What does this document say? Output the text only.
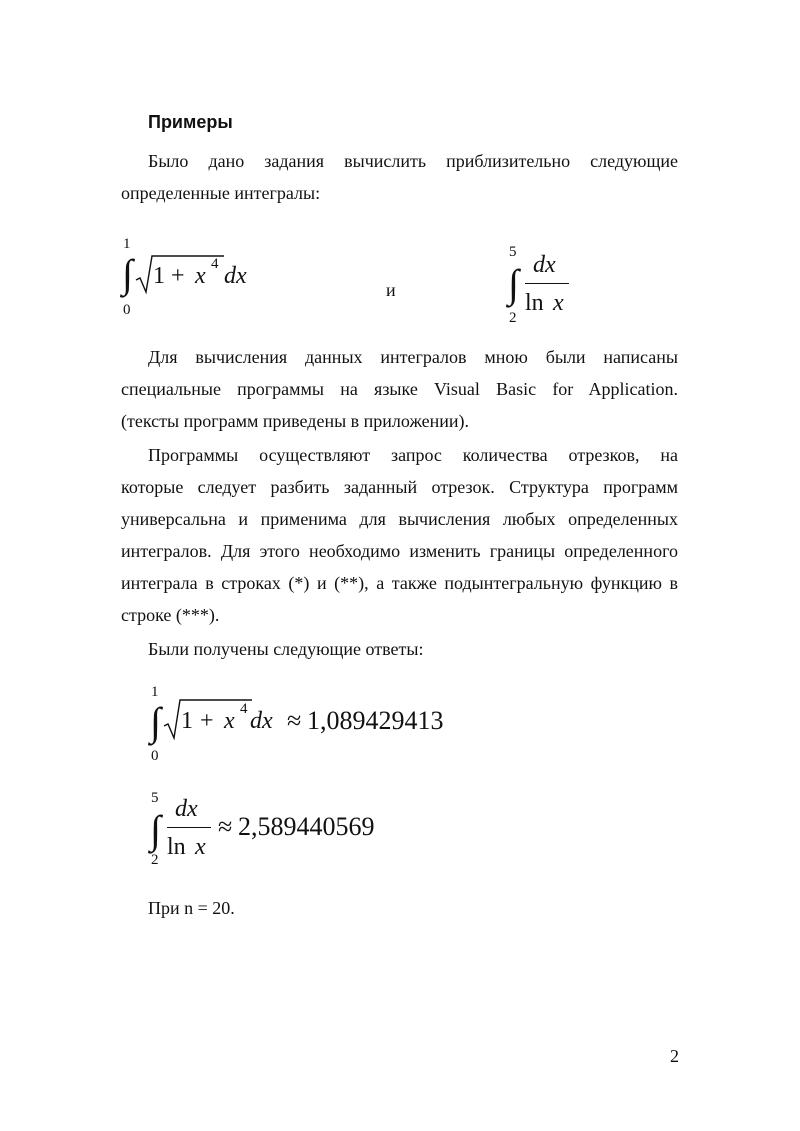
Примеры
Было дано задания вычислить приблизительно следующие определенные интегралы:
1
∫
0
1 + x 4 dx
и
5
∫
2
dx
ln x
Для вычисления данных интегралов мною были написаны
специальные программы на языке Visual Basic for Application.
(тексты программ приведены в приложении).
Программы осуществляют запрос количества отрезков, на
которые следует разбить заданный отрезок. Структура программ
универсальна и применима для вычисления любых определенных
интегралов. Для этого необходимо изменить границы определенного
интеграла в строках (*) и (**), а также подынтегральную функцию в
строке (***).
Были получены следующие ответы:
1
∫
0
1 + x 4 dx ≈ 1,089429413
5
∫
2
dx
ln x
≈ 2,589440569
При n = 20.
2
